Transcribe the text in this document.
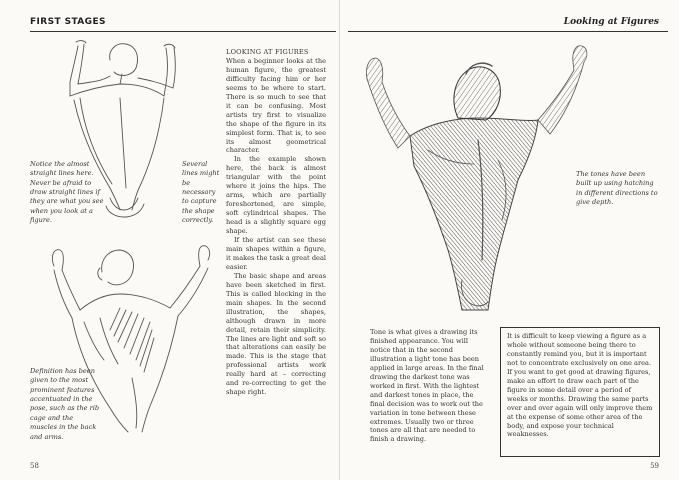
FIRST STAGES
Notice the almost straight lines here. Never be afraid to draw straight lines if they are what you see when you look at a figure.
Several lines might be necessary to capture the shape correctly.
Definition has been given to the most prominent features accentuated in the pose, such as the rib cage and the muscles in the back and arms.
LOOKING AT FIGURES

When a beginner looks at the human figure, the greatest difficulty facing him or her seems to be where to start. There is so much to see that it can be confusing. Most artists try first to visualize the shape of the figure in its simplest form. That is, to see its almost geometrical character.

In the example shown here, the back is almost triangular with the point where it joins the hips. The arms, which are partially foreshortened, are simple, soft cylindrical shapes. The head is a slightly square egg shape.

If the artist can see these main shapes within a figure, it makes the task a great deal easier.

The basic shape and areas have been sketched in first. This is called blocking in the main shapes. In the second illustration, the shapes, although drawn in more detail, retain their simplicity. The lines are light and soft so that alterations can easily be made. This is the stage that professional artists work really hard at – correcting and re-correcting to get the shape right.

58
Looking at Figures
The tones have been built up using hatching in different directions to give depth.
Tone is what gives a drawing its finished appearance. You will notice that in the second illustration a light tone has been applied in large areas. In the final drawing the darkest tone was worked in first. With the lightest and darkest tones in place, the final decision was to work out the variation in tone between these extremes. Usually two or three tones are all that are needed to finish a drawing.
It is difficult to keep viewing a figure as a whole without someone being there to constantly remind you, but it is important not to concentrate exclusively on one area. If you want to get good at drawing figures, make an effort to draw each part of the figure in some detail over a period of weeks or months. Drawing the same parts over and over again will only improve them at the expense of some other area of the body, and expose your technical weaknesses.
59
